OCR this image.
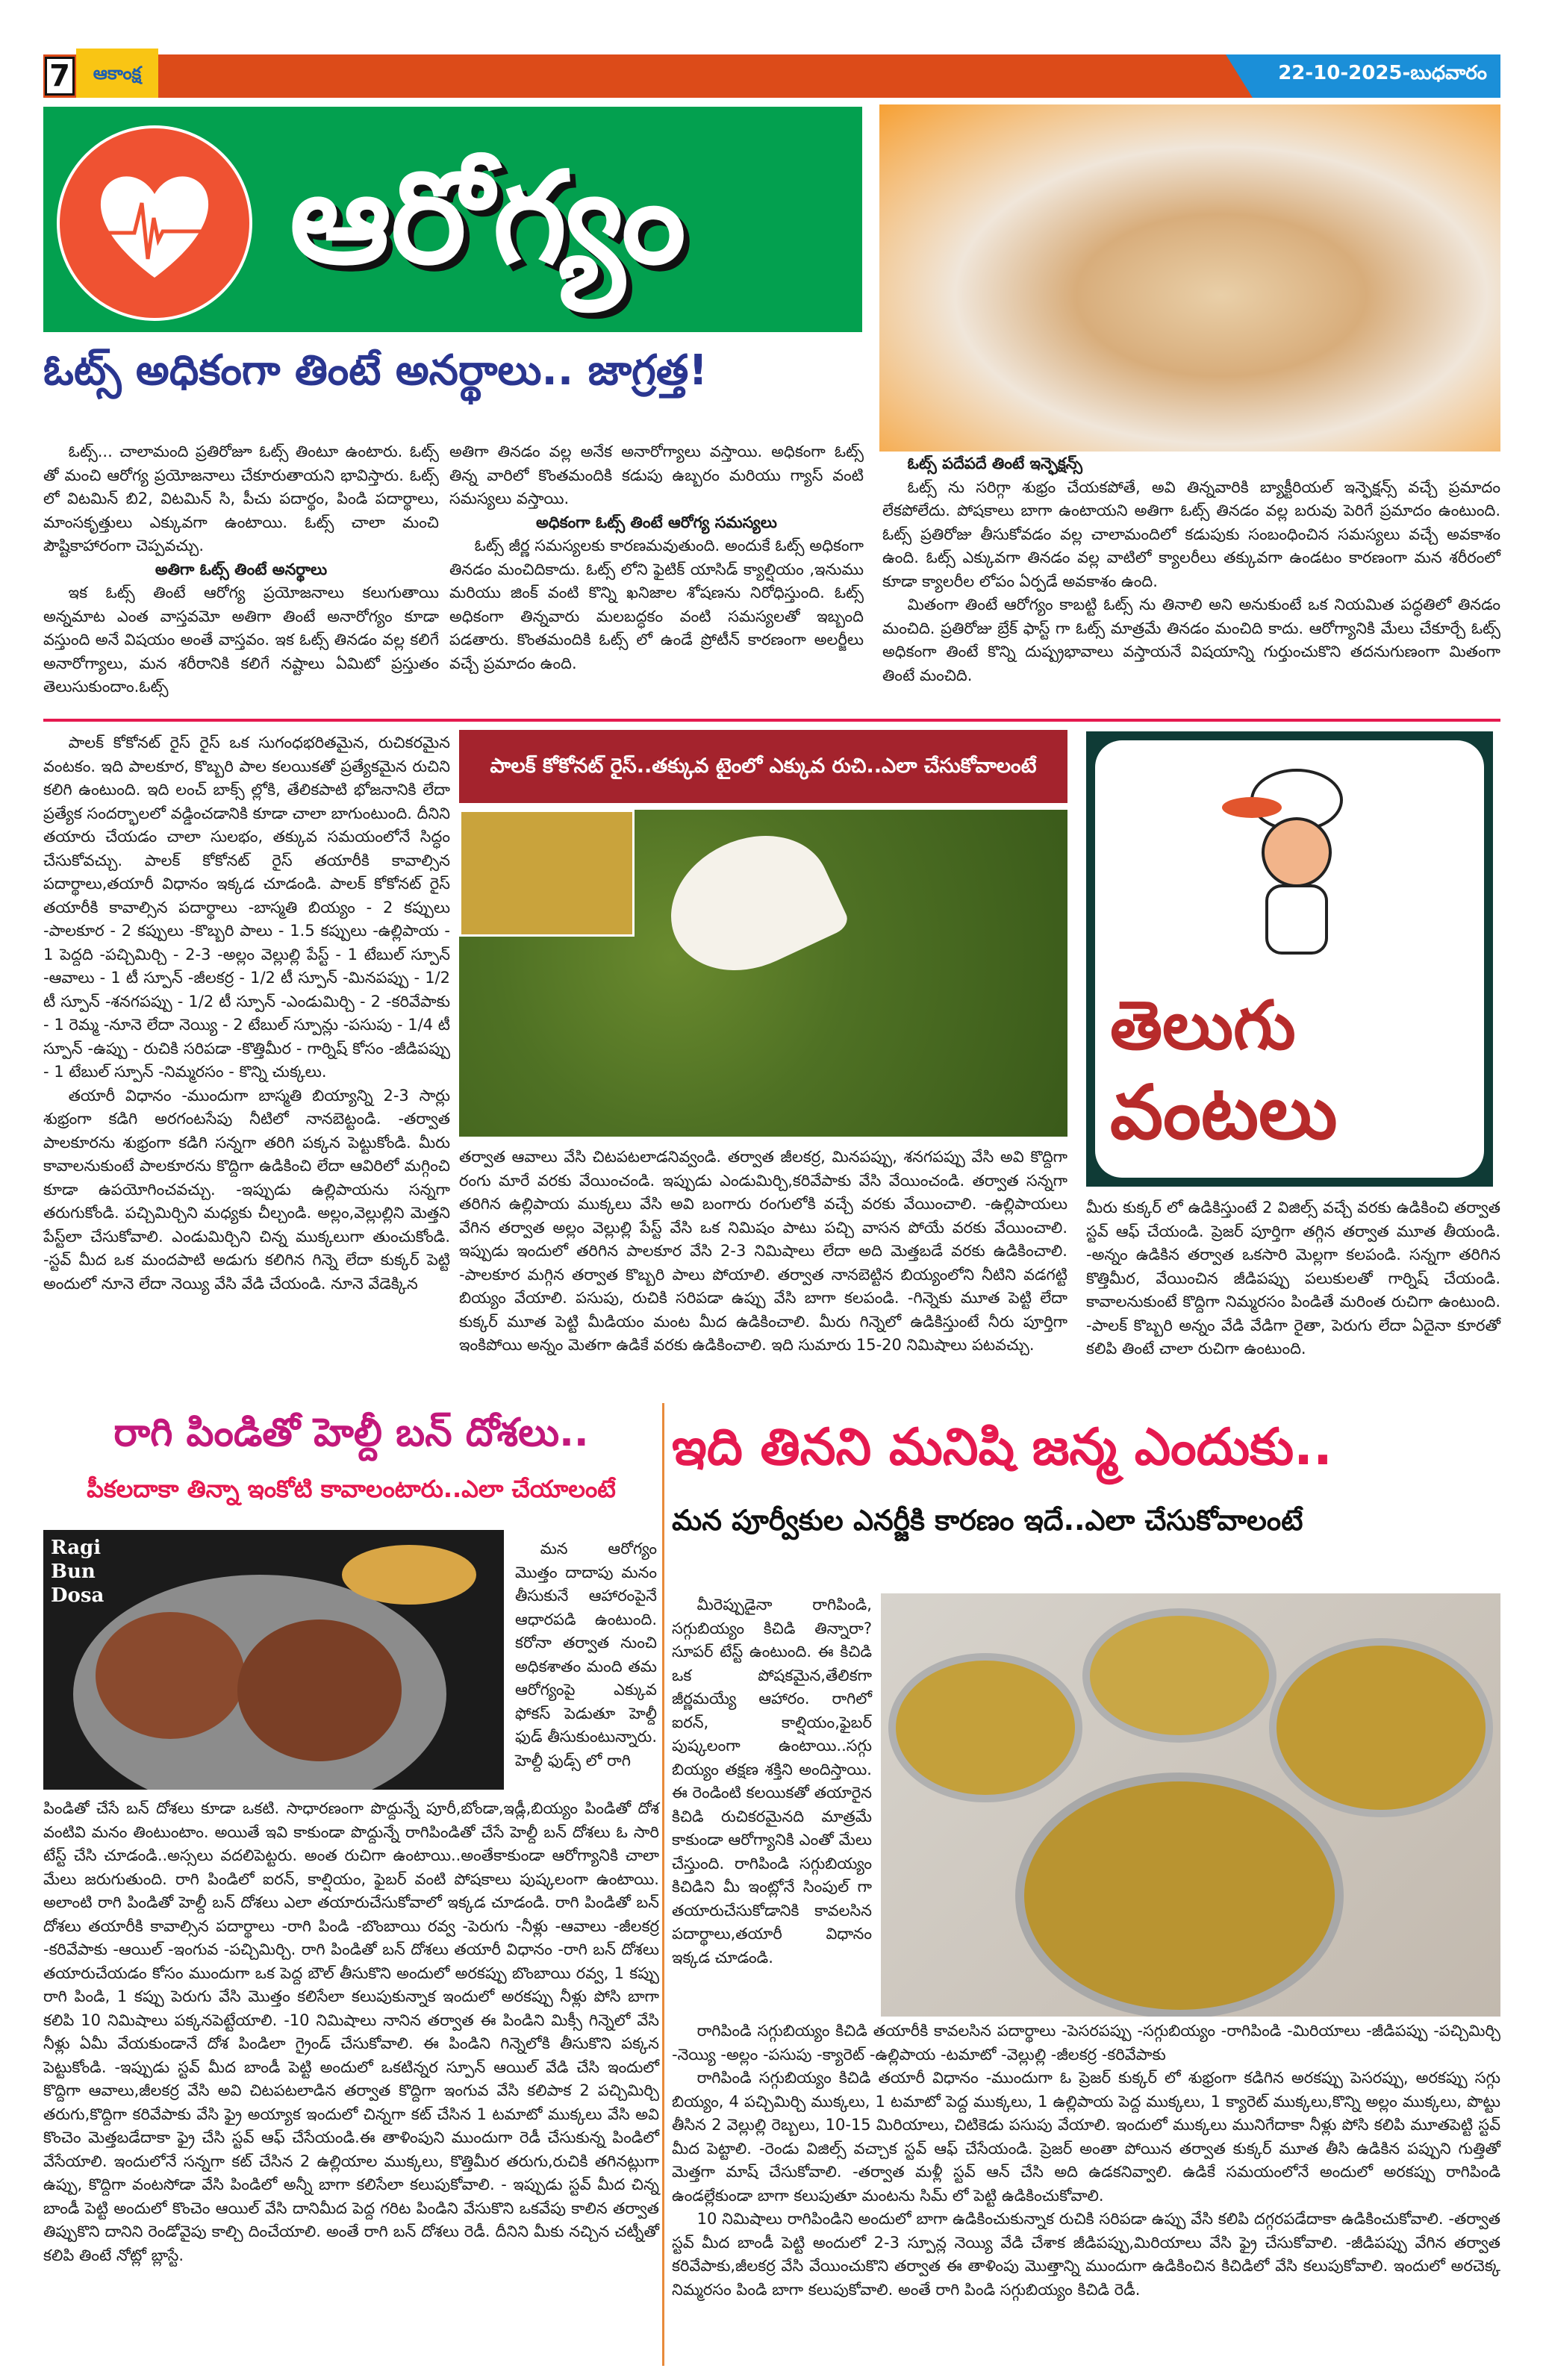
7	ఆకాంక్ష	22-10-2025-బుధవారం
ఆరోగ్యం
ఓట్స్ అధికంగా తింటే అనర్థాలు.. జాగ్రత్త!

ఓట్స్... చాలామంది ప్రతిరోజూ ఓట్స్ తింటూ ఉంటారు. ఓట్స్ తో మంచి ఆరోగ్య ప్రయోజనాలు చేకూరుతాయని భావిస్తారు. ఓట్స్ లో విటమిన్ బి2, విటమిన్ సి, పీచు పదార్థం, పిండి పదార్థాలు, మాంసకృత్తులు ఎక్కువగా ఉంటాయి. ఓట్స్ చాలా మంచి పౌష్టికాహారంగా చెప్పవచ్చు.

అతిగా ఓట్స్ తింటే అనర్థాలు

ఇక ఓట్స్ తింటే ఆరోగ్య ప్రయోజనాలు కలుగుతాయి అన్నమాట ఎంత వాస్తవమో అతిగా తింటే అనారోగ్యం కూడా వస్తుంది అనే విషయం అంతే వాస్తవం. ఇక ఓట్స్ తినడం వల్ల కలిగే అనారోగ్యాలు, మన శరీరానికి కలిగే నష్టాలు ఏమిటో ప్రస్తుతం తెలుసుకుందాం.ఓట్స్

అతిగా తినడం వల్ల అనేక అనారోగ్యాలు వస్తాయి. అధికంగా ఓట్స్ తిన్న వారిలో కొంతమందికి కడుపు ఉబ్బరం మరియు గ్యాస్ వంటి సమస్యలు వస్తాయి.

అధికంగా ఓట్స్ తింటే ఆరోగ్య సమస్యలు

ఓట్స్ జీర్ణ సమస్యలకు కారణమవుతుంది. అందుకే ఓట్స్ అధికంగా తినడం మంచిదికాదు. ఓట్స్ లోని ఫైటిక్ యాసిడ్ క్యాల్షియం ,ఇనుము మరియు జింక్ వంటి కొన్ని ఖనిజాల శోషణను నిరోధిస్తుంది. ఓట్స్ అధికంగా తిన్నవారు మలబద్ధకం వంటి సమస్యలతో ఇబ్బంది పడతారు. కొంతమందికి ఓట్స్ లో ఉండే ప్రోటీన్ కారణంగా అలర్జీలు వచ్చే ప్రమాదం ఉంది.

ఓట్స్ పదేపదే తింటే ఇన్ఫెక్షన్స్

ఓట్స్ ను సరిగ్గా శుభ్రం చేయకపోతే, అవి తిన్నవారికి బ్యాక్టీరియల్ ఇన్ఫెక్షన్స్ వచ్చే ప్రమాదం లేకపోలేదు. పోషకాలు బాగా ఉంటాయని అతిగా ఓట్స్ తినడం వల్ల బరువు పెరిగే ప్రమాదం ఉంటుంది. ఓట్స్ ప్రతిరోజు తీసుకోవడం వల్ల చాలామందిలో కడుపుకు సంబంధించిన సమస్యలు వచ్చే అవకాశం ఉంది. ఓట్స్ ఎక్కువగా తినడం వల్ల వాటిలో క్యాలరీలు తక్కువగా ఉండటం కారణంగా మన శరీరంలో కూడా క్యాలరీల లోపం ఏర్పడే అవకాశం ఉంది.

మితంగా తింటే ఆరోగ్యం కాబట్టి ఓట్స్ ను తినాలి అని అనుకుంటే ఒక నియమిత పద్ధతిలో తినడం మంచిది. ప్రతిరోజు బ్రేక్ ఫాస్ట్ గా ఓట్స్ మాత్రమే తినడం మంచిది కాదు. ఆరోగ్యానికి మేలు చేకూర్చే ఓట్స్ అధికంగా తింటే కొన్ని దుష్ప్రభావాలు వస్తాయనే విషయాన్ని గుర్తుంచుకొని తదనుగుణంగా మితంగా తింటే మంచిది.

పాలక్ కోకోనట్ రైస్ రైస్ ఒక సుగంధభరితమైన, రుచికరమైన వంటకం. ఇది పాలకూర, కొబ్బరి పాల కలయికతో ప్రత్యేకమైన రుచిని కలిగి ఉంటుంది. ఇది లంచ్ బాక్స్ ల్లోకి, తేలికపాటి భోజనానికి లేదా ప్రత్యేక సందర్భాలలో వడ్డించడానికి కూడా చాలా బాగుంటుంది. దీనిని తయారు చేయడం చాలా సులభం, తక్కువ సమయంలోనే సిద్ధం చేసుకోవచ్చు. పాలక్ కోకోనట్ రైస్ తయారీకి కావాల్సిన పదార్థాలు,తయారీ విధానం ఇక్కడ చూడండి. పాలక్ కోకోనట్ రైస్ తయారీకి కావాల్సిన పదార్థాలు -బాస్మతి బియ్యం - 2 కప్పులు -పాలకూర - 2 కప్పులు -కొబ్బరి పాలు - 1.5 కప్పులు -ఉల్లిపాయ - 1 పెద్దది -పచ్చిమిర్చి - 2-3 -అల్లం వెల్లుల్లి పేస్ట్ - 1 టేబుల్ స్పూన్ -ఆవాలు - 1 టీ స్పూన్ -జీలకర్ర - 1/2 టీ స్పూన్ -మినపప్పు - 1/2 టీ స్పూన్ -శనగపప్పు - 1/2 టీ స్పూన్ -ఎండుమిర్చి - 2 -కరివేపాకు - 1 రెమ్మ -నూనె లేదా నెయ్యి - 2 టేబుల్ స్పూన్లు -పసుపు - 1/4 టీ స్పూన్ -ఉప్పు - రుచికి సరిపడా -కొత్తిమీర - గార్నిష్ కోసం -జీడిపప్పు - 1 టేబుల్ స్పూన్ -నిమ్మరసం - కొన్ని చుక్కలు.

తయారీ విధానం -ముందుగా బాస్మతి బియ్యాన్ని 2-3 సార్లు శుభ్రంగా కడిగి అరగంటసేపు నీటిలో నానబెట్టండి. -తర్వాత పాలకూరను శుభ్రంగా కడిగి సన్నగా తరిగి పక్కన పెట్టుకోండి. మీరు కావాలనుకుంటే పాలకూరను కొద్దిగా ఉడికించి లేదా ఆవిరిలో మగ్గించి కూడా ఉపయోగించవచ్చు. -ఇప్పుడు ఉల్లిపాయను సన్నగా తరుగుకోండి. పచ్చిమిర్చిని మధ్యకు చీల్చండి. అల్లం,వెల్లుల్లిని మెత్తని పేస్ట్‌లా చేసుకోవాలి. ఎండుమిర్చిని చిన్న ముక్కలుగా తుంచుకోండి. -స్టవ్ మీద ఒక మందపాటి అడుగు కలిగిన గిన్నె లేదా కుక్కర్ పెట్టి అందులో నూనె లేదా నెయ్యి వేసి వేడి చేయండి. నూనె వేడెక్కిన

పాలక్ కోకోనట్ రైస్..తక్కువ టైంలో ఎక్కువ రుచి..ఎలా చేసుకోవాలంటే

తర్వాత ఆవాలు వేసి చిటపటలాడనివ్వండి. తర్వాత జీలకర్ర, మినపప్పు, శనగపప్పు వేసి అవి కొద్దిగా రంగు మారే వరకు వేయించండి. ఇప్పుడు ఎండుమిర్చి,కరివేపాకు వేసి వేయించండి. తర్వాత సన్నగా తరిగిన ఉల్లిపాయ ముక్కలు వేసి అవి బంగారు రంగులోకి వచ్చే వరకు వేయించాలి. -ఉల్లిపాయలు వేగిన తర్వాత అల్లం వెల్లుల్లి పేస్ట్ వేసి ఒక నిమిషం పాటు పచ్చి వాసన పోయే వరకు వేయించాలి. ఇప్పుడు ఇందులో తరిగిన పాలకూర వేసి 2-3 నిమిషాలు లేదా అది మెత్తబడే వరకు ఉడికించాలి. -పాలకూర మగ్గిన తర్వాత కొబ్బరి పాలు పోయాలి. తర్వాత నానబెట్టిన బియ్యంలోని నీటిని వడగట్టి బియ్యం వేయాలి. పసుపు, రుచికి సరిపడా ఉప్పు వేసి బాగా కలపండి. -గిన్నెకు మూత పెట్టి లేదా కుక్కర్ మూత పెట్టి మీడియం మంట మీద ఉడికించాలి. మీరు గిన్నెలో ఉడికిస్తుంటే నీరు పూర్తిగా ఇంకిపోయి అన్నం మెతగా ఉడికే వరకు ఉడికించాలి. ఇది సుమారు 15-20 నిమిషాలు పటవచ్చు.

తెలుగు
వంటలు

మీరు కుక్కర్ లో ఉడికిస్తుంటే 2 విజిల్స్ వచ్చే వరకు ఉడికించి తర్వాత స్టవ్ ఆఫ్ చేయండి. ప్రెజర్ పూర్తిగా తగ్గిన తర్వాత మూత తీయండి. -అన్నం ఉడికిన తర్వాత ఒకసారి మెల్లగా కలపండి. సన్నగా తరిగిన కొత్తిమీర, వేయించిన జీడిపప్పు పలుకులతో గార్నిష్ చేయండి. కావాలనుకుంటే కొద్దిగా నిమ్మరసం పిండితే మరింత రుచిగా ఉంటుంది. -పాలక్ కొబ్బరి అన్నం వేడి వేడిగా రైతా, పెరుగు లేదా ఏదైనా కూరతో కలిపి తింటే చాలా రుచిగా ఉంటుంది.

రాగి పిండితో హెల్దీ బన్ దోశలు..
పీకలదాకా తిన్నా ఇంకోటి కావాలంటారు..ఎలా చేయాలంటే
Ragi Bun Dosa

మన ఆరోగ్యం మొత్తం దాదాపు మనం తీసుకునే ఆహారంపైనే ఆధారపడి ఉంటుంది. కరోనా తర్వాత నుంచి అధికశాతం మంది తమ ఆరోగ్యంపై ఎక్కువ ఫోకస్ పెడుతూ హెల్దీ ఫుడ్ తీసుకుంటున్నారు. హెల్దీ ఫుడ్స్ లో రాగి

పిండితో చేసే బన్ దోశలు కూడా ఒకటి. సాధారణంగా పొద్దున్నే పూరీ,బోండా,ఇడ్లీ,బియ్యం పిండితో దోశ వంటివి మనం తింటుంటాం. అయితే ఇవి కాకుండా పొద్దున్నే రాగిపిండితో చేసే హెల్దీ బన్ దోశలు ఓ సారి టేస్ట్ చేసి చూడండి..అస్సలు వదలిపెట్టరు. అంత రుచిగా ఉంటాయి..అంతేకాకుండా ఆరోగ్యానికి చాలా మేలు జరుగుతుంది. రాగి పిండిలో ఐరన్, కాల్షియం, ఫైబర్ వంటి పోషకాలు పుష్కలంగా ఉంటాయి. అలాంటి రాగి పిండితో హెల్దీ బన్ దోశలు ఎలా తయారుచేసుకోవాలో ఇక్కడ చూడండి. రాగి పిండితో బన్ దోశలు తయారీకి కావాల్సిన పదార్థాలు -రాగి పిండి -బొంబాయి రవ్వ -పెరుగు -నీళ్లు -ఆవాలు -జీలకర్ర -కరివేపాకు -ఆయిల్ -ఇంగువ -పచ్చిమిర్చి. రాగి పిండితో బన్ దోశలు తయారీ విధానం -రాగి బన్ దోశలు తయారుచేయడం కోసం ముందుగా ఒక పెద్ద బౌల్ తీసుకొని అందులో అరకప్పు బొంబాయి రవ్వ, 1 కప్పు రాగి పిండి, 1 కప్పు పెరుగు వేసి మొత్తం కలిసేలా కలుపుకున్నాక ఇందులో అరకప్పు నీళ్లు పోసి బాగా కలిపి 10 నిమిషాలు పక్కనపెట్టేయాలి. -10 నిమిషాలు నానిన తర్వాత ఈ పిండిని మిక్సీ గిన్నెలో వేసి నీళ్లు ఏమీ వేయకుండానే దోశ పిండిలా గ్రైండ్ చేసుకోవాలి. ఈ పిండిని గిన్నెలోకి తీసుకొని పక్కన పెట్టుకోండి. -ఇప్పుడు స్టవ్ మీద బాండీ పెట్టి అందులో ఒకటిన్నర స్పూన్ ఆయిల్ వేడి చేసి ఇందులో కొద్దిగా ఆవాలు,జీలకర్ర వేసి అవి చిటపటలాడిన తర్వాత కొద్దిగా ఇంగువ వేసి కలిపాక 2 పచ్చిమిర్చి తరుగు,కొద్దిగా కరివేపాకు వేసి ఫ్రై అయ్యాక ఇందులో చిన్నగా కట్ చేసిన 1 టమాటో ముక్కలు వేసి అవి కొంచెం మెత్తబడేదాకా ఫ్రై చేసి స్టవ్ ఆఫ్ చేసేయండి.ఈ తాళింపుని ముందుగా రెడీ చేసుకున్న పిండిలో వేసేయాలి. ఇందులోనే సన్నగా కట్ చేసిన 2 ఉల్లియాల ముక్కలు, కొత్తిమీర తరుగు,రుచికి తగినట్లుగా ఉప్పు, కొద్దిగా వంటసోడా వేసి పిండిలో అన్నీ బాగా కలిసేలా కలుపుకోవాలి. - ఇప్పుడు స్టవ్ మీద చిన్న బాండీ పెట్టి అందులో కొంచెం ఆయిల్ వేసి దానిమీద పెద్ద గరిట పిండిని వేసుకొని ఒకవేపు కాలిన తర్వాత తిప్పుకొని దానిని రెండోవైపు కాల్చి దించేయాలి. అంతే రాగి బన్ దోశలు రెడీ. దీనిని మీకు నచ్చిన చట్నీతో కలిపి తింటే నోట్లో బ్లాస్టే.

ఇది తినని మనిషి జన్మ ఎందుకు..
మన పూర్వీకుల ఎనర్జీకి కారణం ఇదే..ఎలా చేసుకోవాలంటే

మీరెప్పుడైనా రాగిపిండి, సగ్గుబియ్యం కిచిడి తిన్నారా? సూపర్ టేస్ట్ ఉంటుంది. ఈ కిచిడి ఒక పోషకమైన,తేలికగా జీర్ణమయ్యే ఆహారం. రాగిలో ఐరన్, కాల్షియం,ఫైబర్ పుష్కలంగా ఉంటాయి..సగ్గు బియ్యం తక్షణ శక్తిని అందిస్తాయి. ఈ రెండింటి కలయికతో తయారైన కిచిడి రుచికరమైనది మాత్రమే కాకుండా ఆరోగ్యానికి ఎంతో మేలు చేస్తుంది. రాగిపిండి సగ్గుబియ్యం కిచిడిని మీ ఇంట్లోనే సింపుల్ గా తయారుచేసుకోడానికి కావలసిన పదార్థాలు,తయారీ విధానం ఇక్కడ చూడండి.

రాగిపిండి సగ్గుబియ్యం కిచిడి తయారీకి కావలసిన పదార్థాలు -పెసరపప్పు -సగ్గుబియ్యం -రాగిపిండి -మిరియాలు -జీడిపప్పు -పచ్చిమిర్చి -నెయ్యి -అల్లం -పసుపు -క్యారెట్ -ఉల్లిపాయ -టమాటో -వెల్లుల్లి -జీలకర్ర -కరివేపాకు

రాగిపిండి సగ్గుబియ్యం కిచిడి తయారీ విధానం -ముందుగా ఓ ప్రెజర్ కుక్కర్ లో శుభ్రంగా కడిగిన అరకప్పు పెసరప్పు, అరకప్పు సగ్గు బియ్యం, 4 పచ్చిమిర్చి ముక్కలు, 1 టమాటో పెద్ద ముక్కలు, 1 ఉల్లిపాయ పెద్ద ముక్కలు, 1 క్యారెట్ ముక్కలు,కొన్ని అల్లం ముక్కలు, పొట్టు తీసిన 2 వెల్లుల్లి రెబ్బలు, 10-15 మిరియాలు, చిటికెడు పసుపు వేయాలి. ఇందులో ముక్కలు మునిగేదాకా నీళ్లు పోసి కలిపి మూతపెట్టి స్టవ్ మీద పెట్టాలి. -రెండు విజిల్స్ వచ్చాక స్టవ్ ఆఫ్ చేసేయండి. ప్రెజర్ అంతా పోయిన తర్వాత కుక్కర్ మూత తీసి ఉడికిన పప్పుని గుత్తితో మెత్తగా మాష్ చేసుకోవాలి. -తర్వాత మళ్లీ స్టవ్ ఆన్ చేసి అది ఉడకనివ్వాలి. ఉడికే సమయంలోనే అందులో అరకప్పు రాగిపిండి ఉండల్లేకుండా బాగా కలుపుతూ మంటను సిమ్ లో పెట్టి ఉడికించుకోవాలి.

10 నిమిషాలు రాగిపిండిని అందులో బాగా ఉడికించుకున్నాక రుచికి సరిపడా ఉప్పు వేసి కలిపి దగ్గరపడేదాకా ఉడికించుకోవాలి. -తర్వాత స్టవ్ మీద బాండీ పెట్టి అందులో 2-3 స్పూన్ల నెయ్యి వేడి చేశాక జీడిపప్పు,మిరియాలు వేసి ఫ్రై చేసుకోవాలి. -జీడిపప్పు వేగిన తర్వాత కరివేపాకు,జీలకర్ర వేసి వేయించుకొని తర్వాత ఈ తాళింపు మొత్తాన్ని ముందుగా ఉడికించిన కిచిడిలో వేసి కలుపుకోవాలి. ఇందులో అరచెక్క నిమ్మరసం పిండి బాగా కలుపుకోవాలి. అంతే రాగి పిండి సగ్గుబియ్యం కిచిడి రెడీ.
